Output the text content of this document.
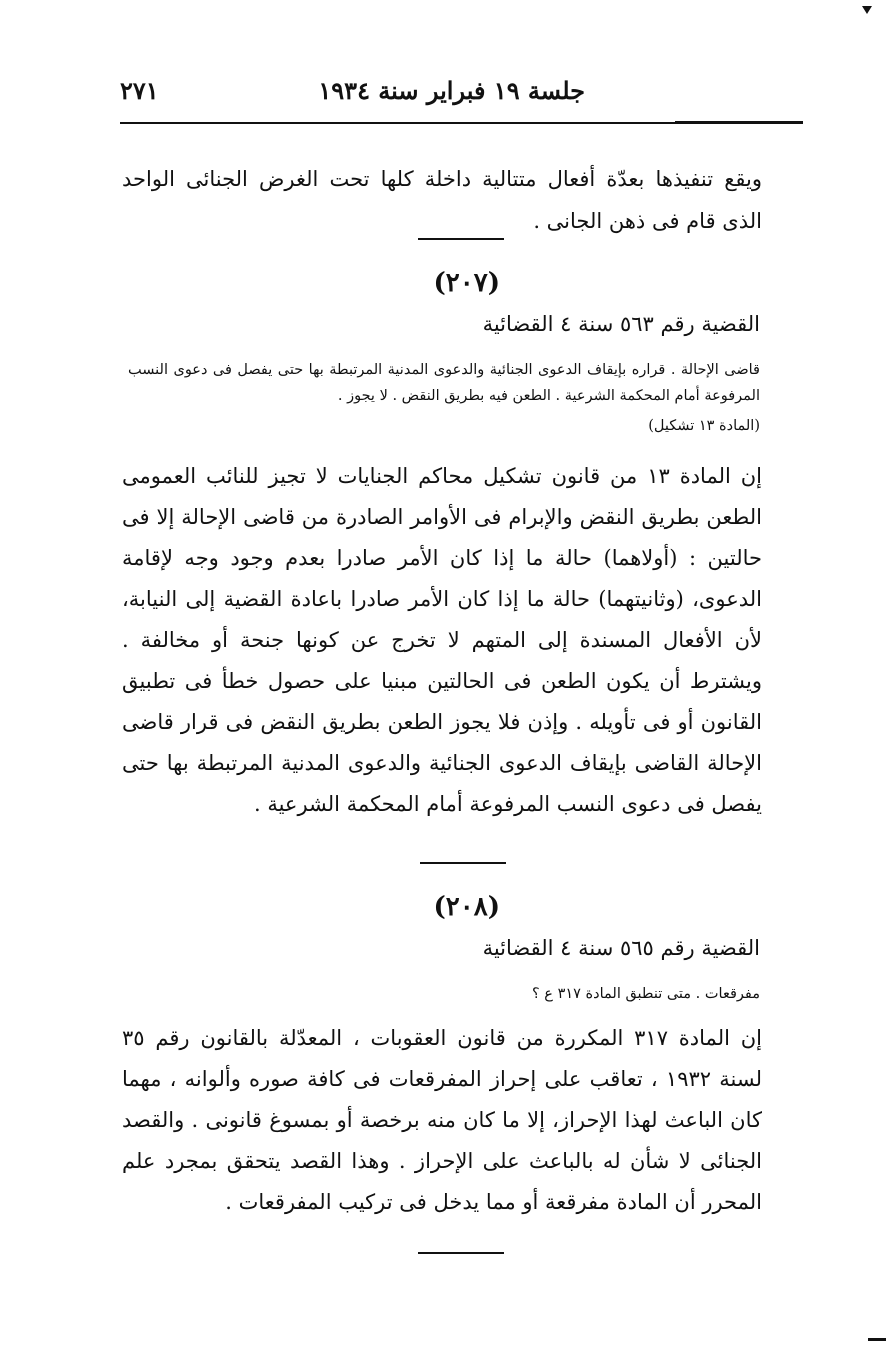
جلسة ١٩ فبراير سنة ١٩٣٤
٢٧١
ويقع تنفيذها بعدّة أفعال متتالية داخلة كلها تحت الغرض الجنائى الواحد الذى قام فى ذهن الجانى .
(٢٠٧)
القضية رقم ٥٦٣ سنة ٤ القضائية
قاضى الإحالة . قراره بإيقاف الدعوى الجنائية والدعوى المدنية المرتبطة بها حتى يفصل فى دعوى النسب المرفوعة أمام المحكمة الشرعية . الطعن فيه بطريق النقض . لا يجوز .
(المادة ١٣ تشكيل)
إن المادة ١٣ من قانون تشكيل محاكم الجنايات لا تجيز للنائب العمومى الطعن بطريق النقض والإبرام فى الأوامر الصادرة من قاضى الإحالة إلا فى حالتين : (أولاهما) حالة ما إذا كان الأمر صادرا بعدم وجود وجه لإقامة الدعوى، (وثانيتهما) حالة ما إذا كان الأمر صادرا باعادة القضية إلى النيابة، لأن الأفعال المسندة إلى المتهم لا تخرج عن كونها جنحة أو مخالفة . ويشترط أن يكون الطعن فى الحالتين مبنيا على حصول خطأ فى تطبيق القانون أو فى تأويله . وإذن فلا يجوز الطعن بطريق النقض فى قرار قاضى الإحالة القاضى بإيقاف الدعوى الجنائية والدعوى المدنية المرتبطة بها حتى يفصل فى دعوى النسب المرفوعة أمام المحكمة الشرعية .
(٢٠٨)
القضية رقم ٥٦٥ سنة ٤ القضائية
مفرقعات . متى تنطبق المادة ٣١٧ ع ؟
إن المادة ٣١٧ المكررة من قانون العقوبات ، المعدّلة بالقانون رقم ٣٥ لسنة ١٩٣٢ ، تعاقب على إحراز المفرقعات فى كافة صوره وألوانه ، مهما كان الباعث لهذا الإحراز، إلا ما كان منه برخصة أو بمسوغ قانونى . والقصد الجنائى لا شأن له بالباعث على الإحراز . وهذا القصد يتحقق بمجرد علم المحرر أن المادة مفرقعة أو مما يدخل فى تركيب المفرقعات .
